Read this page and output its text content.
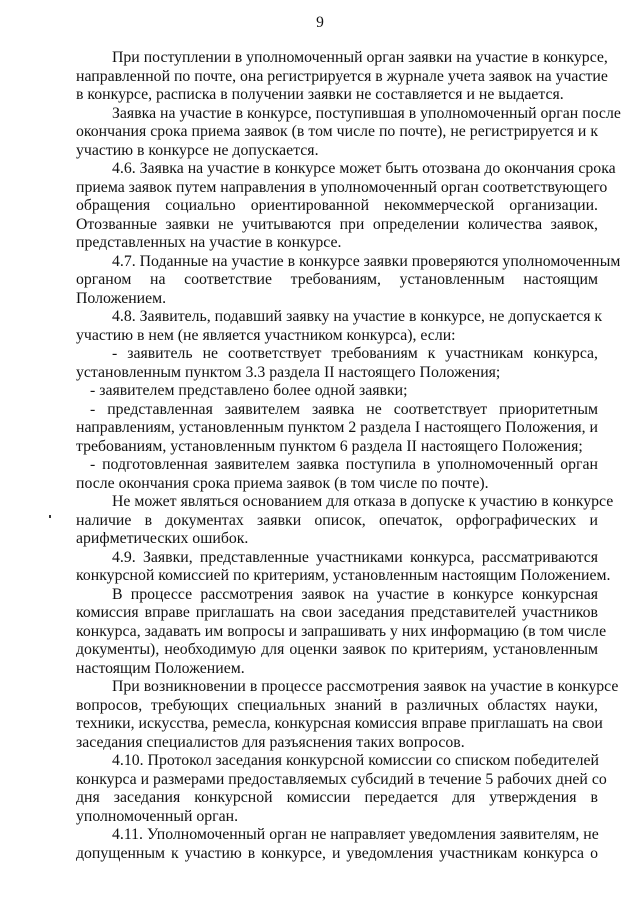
9
При поступлении в уполномоченный орган заявки на участие в конкурсе,
направленной по почте, она регистрируется в журнале учета заявок на участие
в конкурсе, расписка в получении заявки не составляется и не выдается.
Заявка на участие в конкурсе, поступившая в уполномоченный орган после
окончания срока приема заявок (в том числе по почте), не регистрируется и к
участию в конкурсе не допускается.
4.6. Заявка на участие в конкурсе может быть отозвана до окончания срока
приема заявок путем направления в уполномоченный орган соответствующего
обращения социально ориентированной некоммерческой организации.
Отозванные заявки не учитываются при определении количества заявок,
представленных на участие в конкурсе.
4.7. Поданные на участие в конкурсе заявки проверяются уполномоченным
органом на соответствие требованиям, установленным настоящим
Положением.
4.8. Заявитель, подавший заявку на участие в конкурсе, не допускается к
участию в нем (не является участником конкурса), если:
- заявитель не соответствует требованиям к участникам конкурса,
установленным пунктом 3.3 раздела II настоящего Положения;
- заявителем представлено более одной заявки;
- представленная заявителем заявка не соответствует приоритетным
направлениям, установленным пунктом 2 раздела I настоящего Положения, и
требованиям, установленным пунктом 6 раздела II настоящего Положения;
- подготовленная заявителем заявка поступила в уполномоченный орган
после окончания срока приема заявок (в том числе по почте).
Не может являться основанием для отказа в допуске к участию в конкурсе
наличие в документах заявки описок, опечаток, орфографических и
арифметических ошибок.
4.9. Заявки, представленные участниками конкурса, рассматриваются
конкурсной комиссией по критериям, установленным настоящим Положением.
В процессе рассмотрения заявок на участие в конкурсе конкурсная
комиссия вправе приглашать на свои заседания представителей участников
конкурса, задавать им вопросы и запрашивать у них информацию (в том числе
документы), необходимую для оценки заявок по критериям, установленным
настоящим Положением.
При возникновении в процессе рассмотрения заявок на участие в конкурсе
вопросов, требующих специальных знаний в различных областях науки,
техники, искусства, ремесла, конкурсная комиссия вправе приглашать на свои
заседания специалистов для разъяснения таких вопросов.
4.10. Протокол заседания конкурсной комиссии со списком победителей
конкурса и размерами предоставляемых субсидий в течение 5 рабочих дней со
дня заседания конкурсной комиссии передается для утверждения в
уполномоченный орган.
4.11. Уполномоченный орган не направляет уведомления заявителям, не
допущенным к участию в конкурсе, и уведомления участникам конкурса о
